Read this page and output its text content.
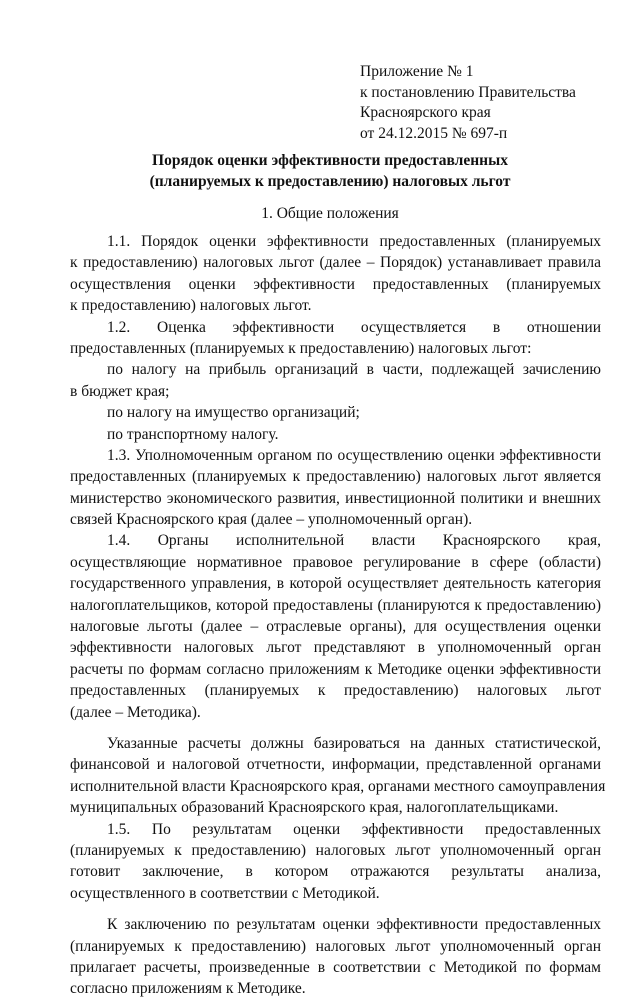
Приложение № 1
к постановлению Правительства
Красноярского края
от 24.12.2015 № 697-п
Порядок оценки эффективности предоставленных
(планируемых к предоставлению) налоговых льгот
1. Общие положения
1.1. Порядок оценки эффективности предоставленных (планируемых
к предоставлению) налоговых льгот (далее – Порядок) устанавливает правила
осуществления оценки эффективности предоставленных (планируемых
к предоставлению) налоговых льгот.
1.2. Оценка эффективности осуществляется в отношении
предоставленных (планируемых к предоставлению) налоговых льгот:
по налогу на прибыль организаций в части, подлежащей зачислению
в бюджет края;
по налогу на имущество организаций;
по транспортному налогу.
1.3. Уполномоченным органом по осуществлению оценки эффективности
предоставленных (планируемых к предоставлению) налоговых льгот является
министерство экономического развития, инвестиционной политики и внешних
связей Красноярского края (далее – уполномоченный орган).
1.4. Органы исполнительной власти Красноярского края,
осуществляющие нормативное правовое регулирование в сфере (области)
государственного управления, в которой осуществляет деятельность категория
налогоплательщиков, которой предоставлены (планируются к предоставлению)
налоговые льготы (далее – отраслевые органы), для осуществления оценки
эффективности налоговых льгот представляют в уполномоченный орган
расчеты по формам согласно приложениям к Методике оценки эффективности
предоставленных (планируемых к предоставлению) налоговых льгот
(далее – Методика).
Указанные расчеты должны базироваться на данных статистической,
финансовой и налоговой отчетности, информации, представленной органами
исполнительной власти Красноярского края, органами местного самоуправления
муниципальных образований Красноярского края, налогоплательщиками.
1.5. По результатам оценки эффективности предоставленных
(планируемых к предоставлению) налоговых льгот уполномоченный орган
готовит заключение, в котором отражаются результаты анализа,
осуществленного в соответствии с Методикой.
К заключению по результатам оценки эффективности предоставленных
(планируемых к предоставлению) налоговых льгот уполномоченный орган
прилагает расчеты, произведенные в соответствии с Методикой по формам
согласно приложениям к Методике.
